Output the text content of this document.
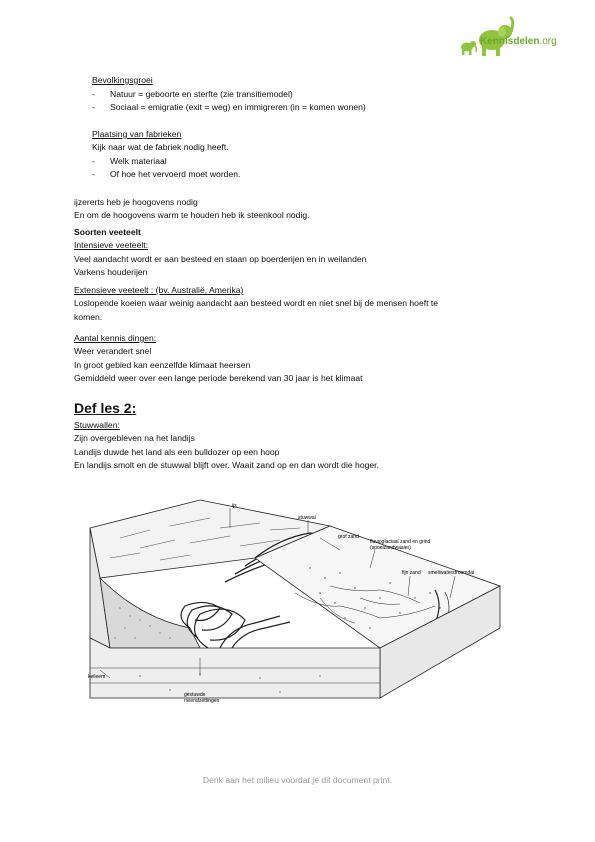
Kennisdelen.org
Bevolkingsgroei
- Natuur = geboorte en sterfte (zie transitiemodel)
- Sociaal = emigratie (exit = weg) en immigreren (in = komen wonen)
Plaatsing van fabrieken
Kijk naar wat de fabriek nodig heeft.
- Welk materiaal
- Of hoe het vervoerd moet worden.
ijzererts heb je hoogovens nodig
En om de hoogovens warm te houden heb ik steenkool nodig.
Soorten veeteelt
Intensieve veeteelt:
Veel aandacht wordt er aan besteed en staan op boerderijen en in weilanden
Varkens houderijen
Extensieve veeteelt : (bv. Australië, Amerika)
Loslopende koeien waar weinig aandacht aan besteed wordt en niet snel bij de mensen hoeft te
komen.
Aantal kennis dingen:
Weer verandert snel
In groot gebied kan eenzelfde klimaat heersen
Gemiddeld weer over een lange periode berekend van 30 jaar is het klimaat
Def les 2:
Stuwwallen:
Zijn overgebleven na het landijs
Landijs duwde het land als een bulldozer op een hoop
En landijs smolt en de stuwwal blijft over. Waait zand op en dan wordt die hoger.
ijs
stuwwal
grof zand
fluvioglaciaal zand en grind
(spoelzandwaaier)
fijn zand smeltwaterstroomdal
keileem
gestuwde
rivierafzettingen
Denk aan het milieu voordat je dit document print.
